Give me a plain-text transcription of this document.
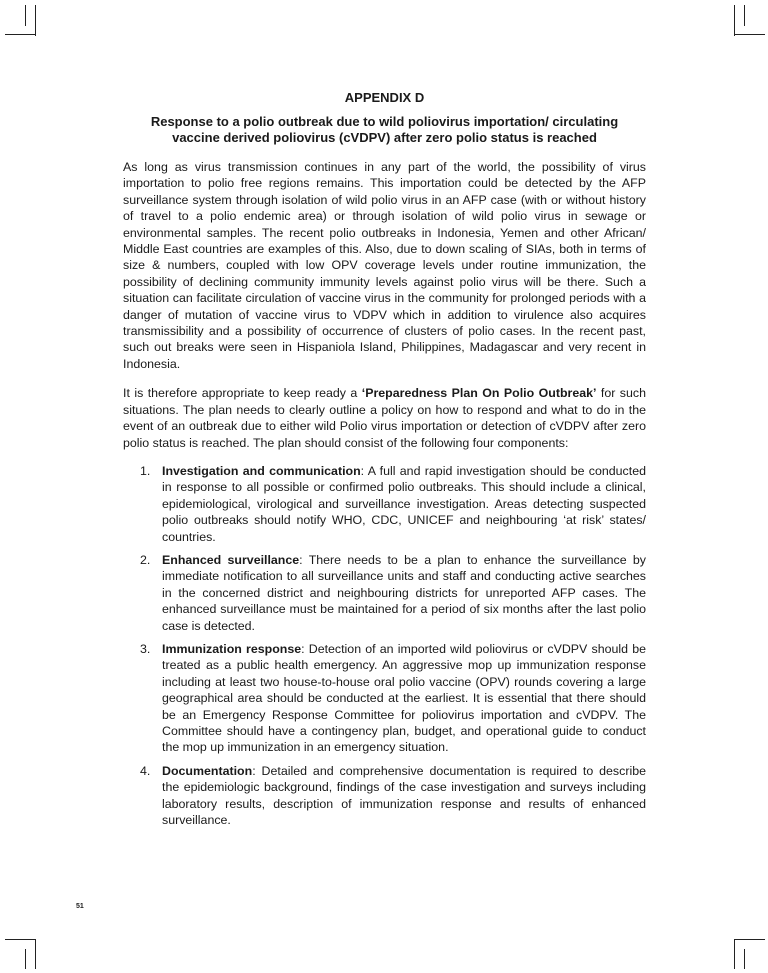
APPENDIX D
Response to a polio outbreak due to wild poliovirus importation/ circulating
vaccine derived poliovirus (cVDPV) after zero polio status is reached

As long as virus transmission continues in any part of the world, the possibility of virus importation to polio free regions remains. This importation could be detected by the AFP surveillance system through isolation of wild polio virus in an AFP case (with or without history of travel to a polio endemic area) or through isolation of wild polio virus in sewage or environmental samples. The recent polio outbreaks in Indonesia, Yemen and other African/ Middle East countries are examples of this. Also, due to down scaling of SIAs, both in terms of size & numbers, coupled with low OPV coverage levels under routine immunization, the possibility of declining community immunity levels against polio virus will be there. Such a situation can facilitate circulation of vaccine virus in the community for prolonged periods with a danger of mutation of vaccine virus to VDPV which in addition to virulence also acquires transmissibility and a possibility of occurrence of clusters of polio cases. In the recent past, such out breaks were seen in Hispaniola Island, Philippines, Madagascar and very recent in Indonesia.

It is therefore appropriate to keep ready a ‘Preparedness Plan On Polio Outbreak’ for such situations. The plan needs to clearly outline a policy on how to respond and what to do in the event of an outbreak due to either wild Polio virus importation or detection of cVDPV after zero polio status is reached. The plan should consist of the following four components:

1. Investigation and communication: A full and rapid investigation should be conducted in response to all possible or confirmed polio outbreaks. This should include a clinical, epidemiological, virological and surveillance investigation. Areas detecting suspected polio outbreaks should notify WHO, CDC, UNICEF and neighbouring ‘at risk’ states/ countries.
2. Enhanced surveillance: There needs to be a plan to enhance the surveillance by immediate notification to all surveillance units and staff and conducting active searches in the concerned district and neighbouring districts for unreported AFP cases. The enhanced surveillance must be maintained for a period of six months after the last polio case is detected.
3. Immunization response: Detection of an imported wild poliovirus or cVDPV should be treated as a public health emergency. An aggressive mop up immunization response including at least two house-to-house oral polio vaccine (OPV) rounds covering a large geographical area should be conducted at the earliest. It is essential that there should be an Emergency Response Committee for poliovirus importation and cVDPV. The Committee should have a contingency plan, budget, and operational guide to conduct the mop up immunization in an emergency situation.
4. Documentation: Detailed and comprehensive documentation is required to describe the epidemiologic background, findings of the case investigation and surveys including laboratory results, description of immunization response and results of enhanced surveillance.
51
